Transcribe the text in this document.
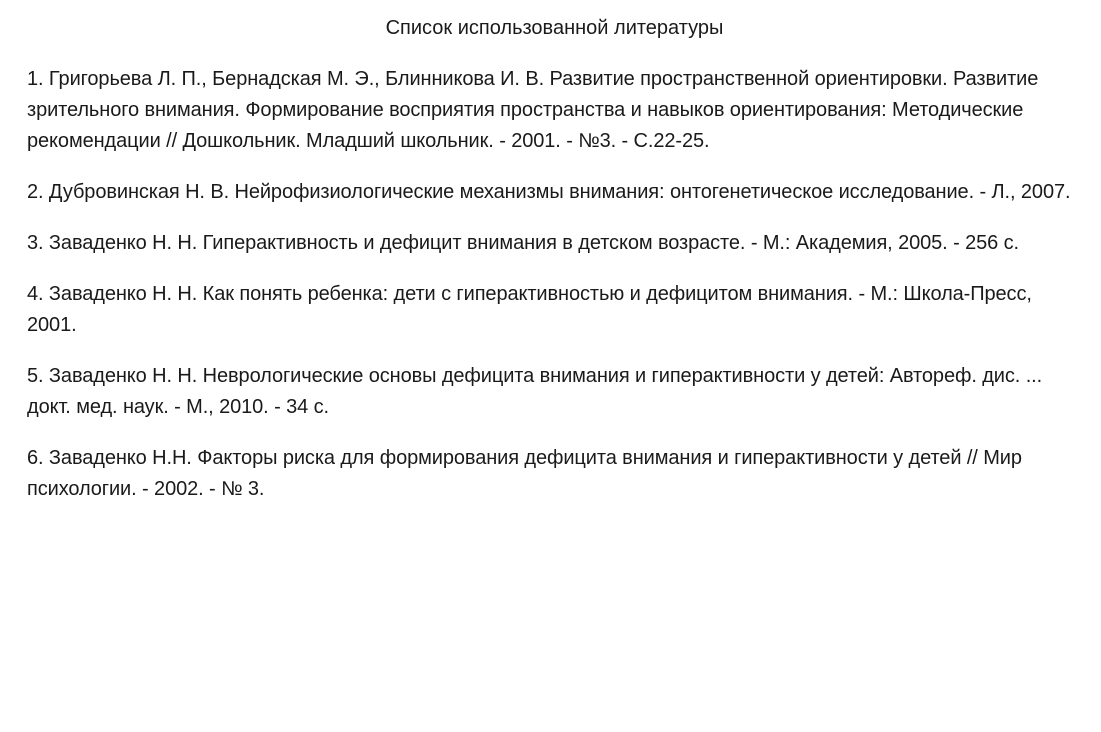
Список использованной литературы
1. Григорьева Л. П., Бернадская М. Э., Блинникова И. В. Развитие пространственной ориентировки. Развитие зрительного внимания. Формирование восприятия пространства и навыков ориентирования: Методические рекомендации // Дошкольник. Младший школьник. - 2001. - №3. - С.22-25.
2. Дубровинская Н. В. Нейрофизиологические механизмы внимания: онтогенетическое исследование. - Л., 2007.
3. Заваденко Н. Н. Гиперактивность и дефицит внимания в детском возрасте. - М.: Академия, 2005. - 256 с.
4. Заваденко Н. Н. Как понять ребенка: дети с гиперактивностью и дефицитом внимания. - М.: Школа-Пресс, 2001.
5. Заваденко Н. Н. Неврологические основы дефицита внимания и гиперактивности у детей: Автореф. дис. ... докт. мед. наук. - М., 2010. - 34 с.
6. Заваденко Н.Н. Факторы риска для формирования дефицита внимания и гиперактивности у детей // Мир психологии. - 2002. - № 3.
